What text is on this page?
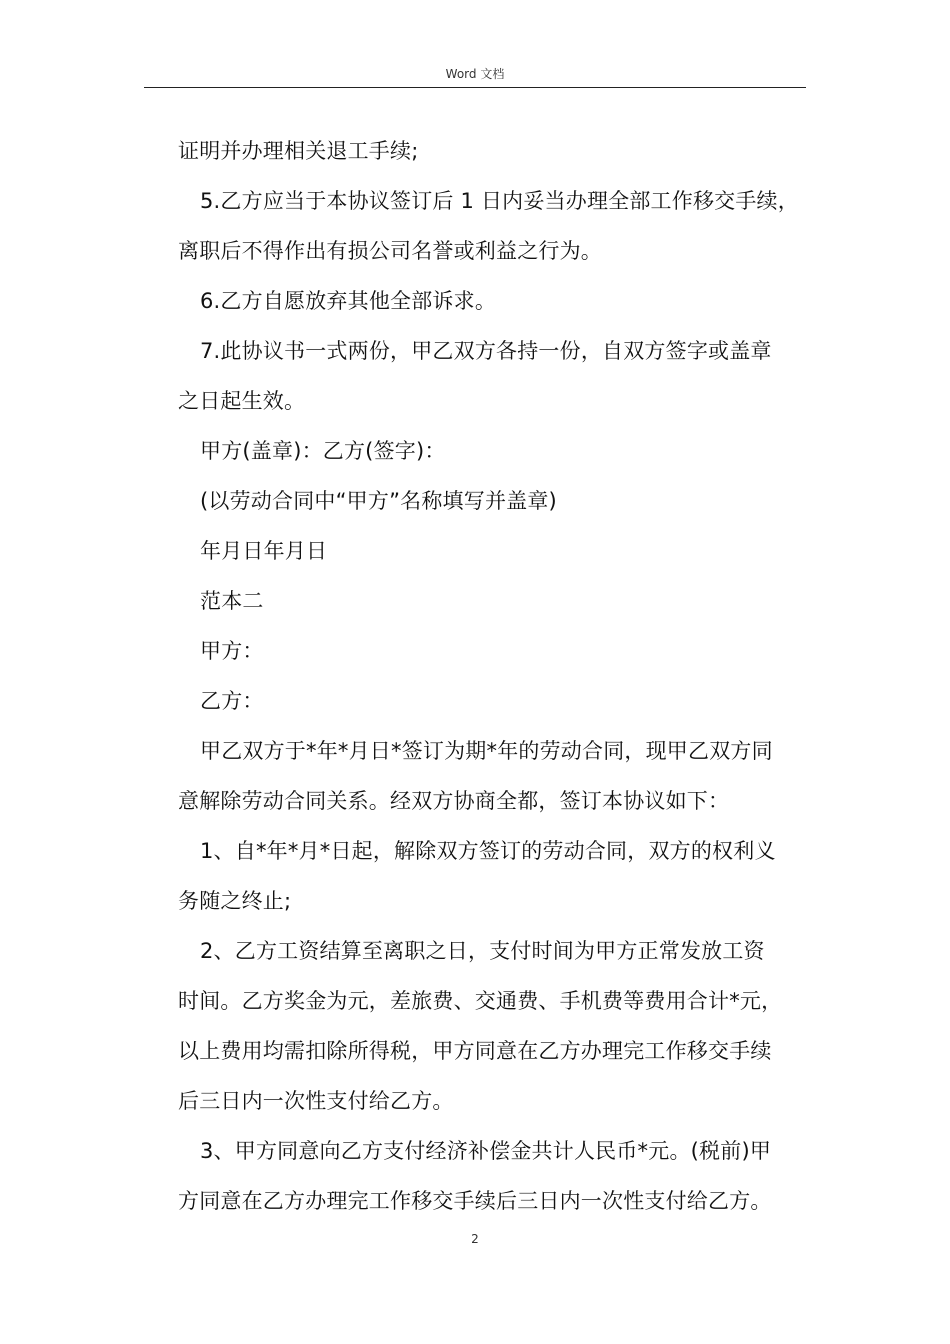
Word 文档
证明并办理相关退工手续;
5.乙方应当于本协议签订后 1 日内妥当办理全部工作移交手续，
离职后不得作出有损公司名誉或利益之行为。
6.乙方自愿放弃其他全部诉求。
7.此协议书一式两份，甲乙双方各持一份，自双方签字或盖章
之日起生效。
甲方(盖章)：乙方(签字)：
(以劳动合同中“甲方”名称填写并盖章)
年月日年月日
范本二
甲方：
乙方：
甲乙双方于*年*月日*签订为期*年的劳动合同，现甲乙双方同
意解除劳动合同关系。经双方协商全都，签订本协议如下：
1、自*年*月*日起，解除双方签订的劳动合同，双方的权利义
务随之终止;
2、乙方工资结算至离职之日，支付时间为甲方正常发放工资
时间。乙方奖金为元，差旅费、交通费、手机费等费用合计*元，
以上费用均需扣除所得税，甲方同意在乙方办理完工作移交手续
后三日内一次性支付给乙方。
3、甲方同意向乙方支付经济补偿金共计人民币*元。(税前)甲
方同意在乙方办理完工作移交手续后三日内一次性支付给乙方。
2
